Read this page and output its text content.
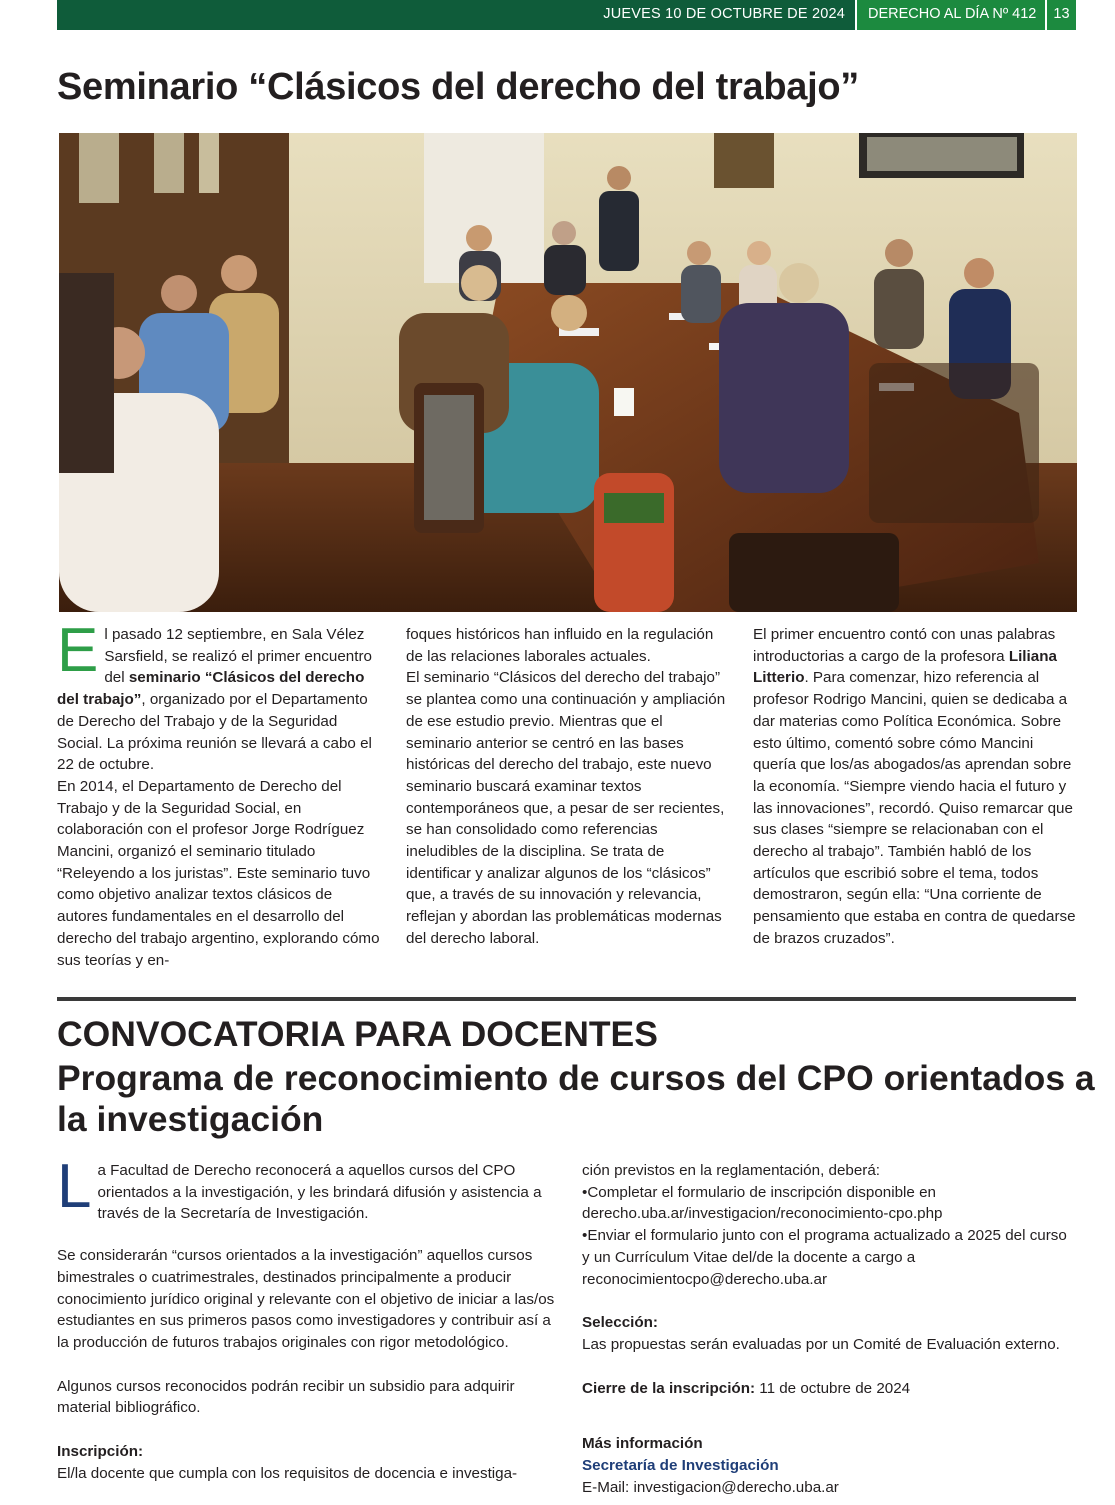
JUEVES 10 DE OCTUBRE DE 2024	DERECHO AL DÍA Nº 412	13
Seminario “Clásicos del derecho del trabajo”

El pasado 12 septiembre, en Sala Vélez Sarsfield, se realizó el primer encuentro del seminario “Clásicos del derecho del trabajo”, organizado por el Departamento de Derecho del Trabajo y de la Seguridad Social. La próxima reunión se llevará a cabo el 22 de octubre.

En 2014, el Departamento de Derecho del Trabajo y de la Seguridad Social, en colaboración con el profesor Jorge Rodríguez Mancini, organizó el seminario titulado “Releyendo a los juristas”. Este seminario tuvo como objetivo analizar textos clásicos de autores fundamentales en el desarrollo del derecho del trabajo argentino, explorando cómo sus teorías y en-

foques históricos han influido en la regulación de las relaciones laborales actuales.

El seminario “Clásicos del derecho del trabajo” se plantea como una continuación y ampliación de ese estudio previo. Mientras que el seminario anterior se centró en las bases históricas del derecho del trabajo, este nuevo seminario buscará examinar textos contemporáneos que, a pesar de ser recientes, se han consolidado como referencias ineludibles de la disciplina. Se trata de identificar y analizar algunos de los “clásicos” que, a través de su innovación y relevancia, reflejan y abordan las problemáticas modernas del derecho laboral.

El primer encuentro contó con unas palabras introductorias a cargo de la profesora Liliana Litterio. Para comenzar, hizo referencia al profesor Rodrigo Mancini, quien se dedicaba a dar materias como Política Económica. Sobre esto último, comentó sobre cómo Mancini quería que los/as abogados/as aprendan sobre la economía. “Siempre viendo hacia el futuro y las innovaciones”, recordó. Quiso remarcar que sus clases “siempre se relacionaban con el derecho al trabajo”. También habló de los artículos que escribió sobre el tema, todos demostraron, según ella: “Una corriente de pensamiento que estaba en contra de quedarse de brazos cruzados”.

CONVOCATORIA PARA DOCENTES
Programa de reconocimiento de cursos del CPO orientados a la investigación

La Facultad de Derecho reconocerá a aquellos cursos del CPO orientados a la investigación, y les brindará difusión y asistencia a través de la Secretaría de Investigación.

Se considerarán “cursos orientados a la investigación” aquellos cursos bimestrales o cuatrimestrales, destinados principalmente a producir conocimiento jurídico original y relevante con el objetivo de iniciar a las/os estudiantes en sus primeros pasos como investigadores y contribuir así a la producción de futuros trabajos originales con rigor metodológico.

Algunos cursos reconocidos podrán recibir un subsidio para adquirir material bibliográfico.

Inscripción:

El/la docente que cumpla con los requisitos de docencia e investiga-

ción previstos en la reglamentación, deberá:

•Completar el formulario de inscripción disponible en derecho.uba.ar/investigacion/reconocimiento-cpo.php

•Enviar el formulario junto con el programa actualizado a 2025 del curso y un Currículum Vitae del/de la docente a cargo a reconocimientocpo@derecho.uba.ar

Selección:

Las propuestas serán evaluadas por un Comité de Evaluación externo.

Cierre de la inscripción: 11 de octubre de 2024

Más información

Secretaría de Investigación

E-Mail: investigacion@derecho.uba.ar
